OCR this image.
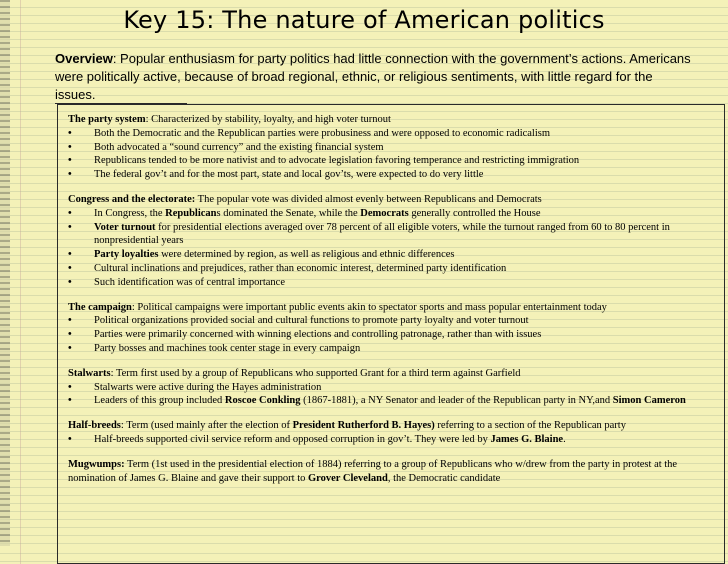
Key 15: The nature of American politics
Overview: Popular enthusiasm for party politics had little connection with the government’s actions. Americans were politically active, because of broad regional, ethnic, or religious sentiments, with little regard for the issues.

The party system: Characterized by stability, loyalty, and high voter turnout

• Both the Democratic and the Republican parties were probusiness and were opposed to economic radicalism
• Both advocated a “sound currency” and the existing financial system
• Republicans tended to be more nativist and to advocate legislation favoring temperance and restricting immigration
• The federal gov’t and for the most part, state and local gov’ts, were expected to do very little

Congress and the electorate: The popular vote was divided almost evenly between Republicans and Democrats

• In Congress, the Republicans dominated the Senate, while the Democrats generally controlled the House
• Voter turnout for presidential elections averaged over 78 percent of all eligible voters, while the turnout ranged from 60 to 80 percent in nonpresidential years
• Party loyalties were determined by region, as well as religious and ethnic differences
• Cultural inclinations and prejudices, rather than economic interest, determined party identification
• Such identification was of central importance

The campaign: Political campaigns were important public events akin to spectator sports and mass popular entertainment today

• Political organizations provided social and cultural functions to promote party loyalty and voter turnout
• Parties were primarily concerned with winning elections and controlling patronage, rather than with issues
• Party bosses and machines took center stage in every campaign

Stalwarts: Term first used by a group of Republicans who supported Grant for a third term against Garfield

• Stalwarts were active during the Hayes administration
• Leaders of this group included Roscoe Conkling (1867-1881), a NY Senator and leader of the Republican party in NY,and Simon Cameron

Half-breeds: Term (used mainly after the election of President Rutherford B. Hayes) referring to a section of the Republican party

• Half-breeds supported civil service reform and opposed corruption in gov’t. They were led by James G. Blaine.

Mugwumps: Term (1st used in the presidential election of 1884) referring to a group of Republicans who w/drew from the party in protest at the nomination of James G. Blaine and gave their support to Grover Cleveland, the Democratic candidate
